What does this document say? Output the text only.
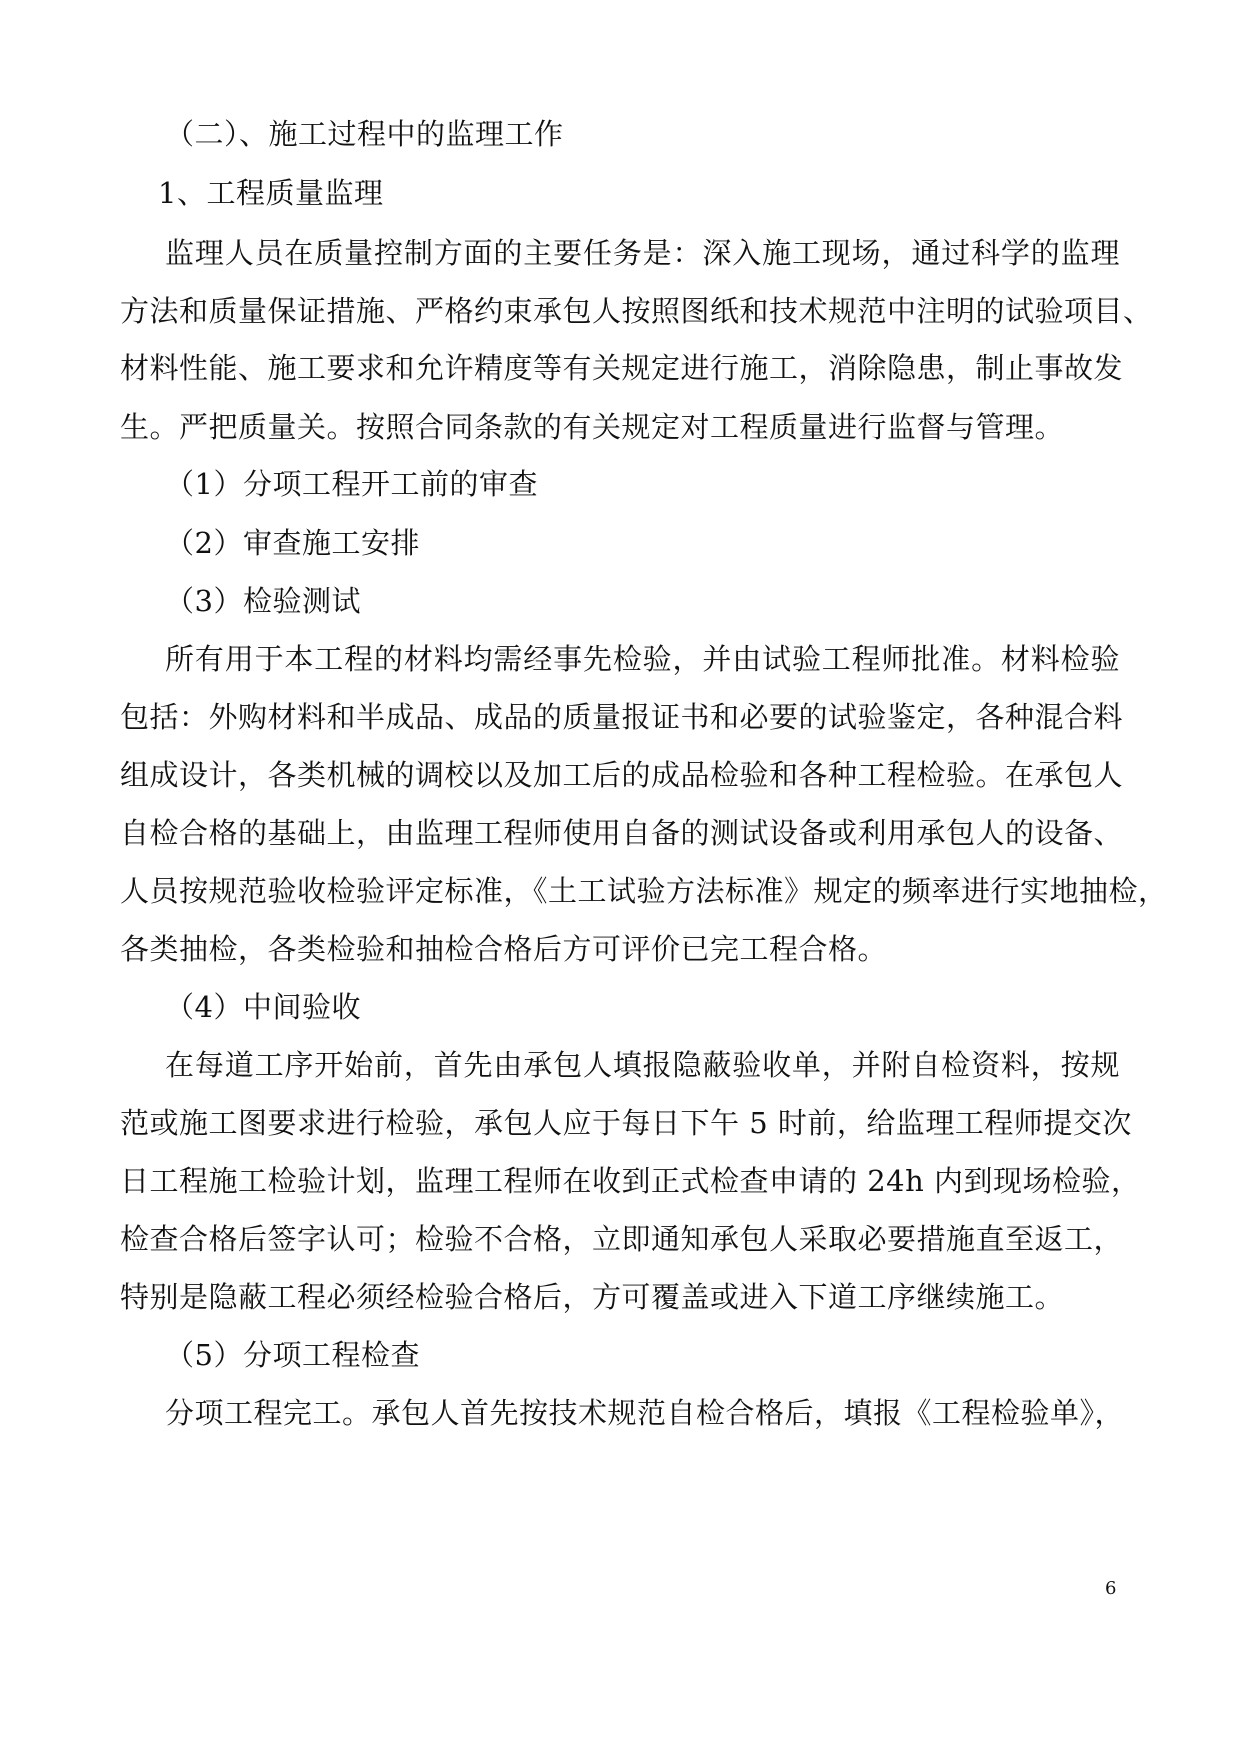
（二）、施工过程中的监理工作
1、工程质量监理
监理人员在质量控制方面的主要任务是：深入施工现场，通过科学的监理
方法和质量保证措施、严格约束承包人按照图纸和技术规范中注明的试验项目、
材料性能、施工要求和允许精度等有关规定进行施工，消除隐患，制止事故发
生。严把质量关。按照合同条款的有关规定对工程质量进行监督与管理。
（1）分项工程开工前的审查
（2）审查施工安排
（3）检验测试
所有用于本工程的材料均需经事先检验，并由试验工程师批准。材料检验
包括：外购材料和半成品、成品的质量报证书和必要的试验鉴定，各种混合料
组成设计，各类机械的调校以及加工后的成品检验和各种工程检验。在承包人
自检合格的基础上，由监理工程师使用自备的测试设备或利用承包人的设备、
人员按规范验收检验评定标准，《土工试验方法标准》规定的频率进行实地抽检，
各类抽检，各类检验和抽检合格后方可评价已完工程合格。
（4）中间验收
在每道工序开始前，首先由承包人填报隐蔽验收单，并附自检资料，按规
范或施工图要求进行检验，承包人应于每日下午 5 时前，给监理工程师提交次
日工程施工检验计划，监理工程师在收到正式检查申请的 24h 内到现场检验，
检查合格后签字认可；检验不合格，立即通知承包人采取必要措施直至返工，
特别是隐蔽工程必须经检验合格后，方可覆盖或进入下道工序继续施工。
（5）分项工程检查
分项工程完工。承包人首先按技术规范自检合格后，填报《工程检验单》，
6
